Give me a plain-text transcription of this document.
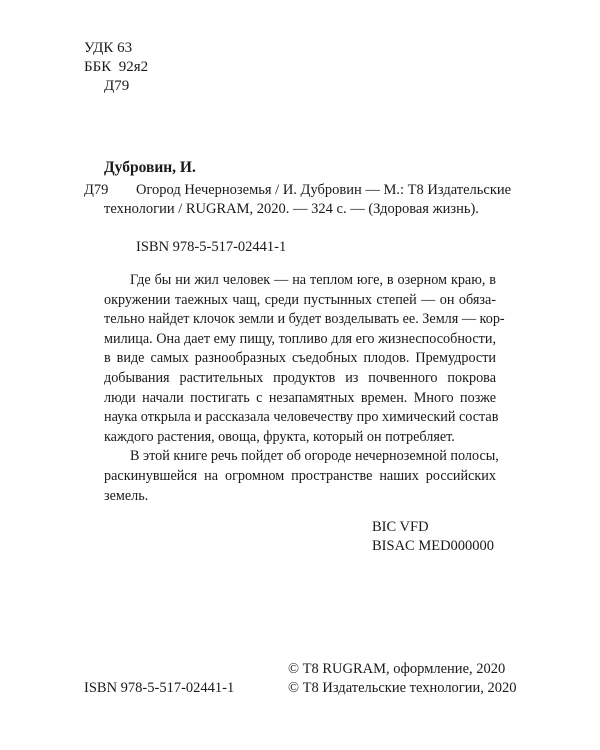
УДК 63
ББК  92я2
Д79
Дубровин, И.
Д79 Огород Нечерноземья / И. Дубровин — М.: Т8 Издательские
технологии / RUGRAM, 2020. — 324 с. — (Здоровая жизнь).
ISBN 978-5-517-02441-1
Где бы ни жил человек — на теплом юге, в озерном краю, в
окружении таежных чащ, среди пустынных степей — он обяза-
тельно найдет клочок земли и будет возделывать ее. Земля — кор-
милица. Она дает ему пищу, топливо для его жизнеспособности,
в виде самых разнообразных съедобных плодов. Премудрости
добывания растительных продуктов из почвенного покрова
люди начали постигать с незапамятных времен. Много позже
наука открыла и рассказала человечеству про химический состав
каждого растения, овоща, фрукта, который он потребляет.
В этой книге речь пойдет об огороде нечерноземной полосы,
раскинувшейся на огромном пространстве наших российских
земель.
BIC VFD
BISAC MED000000
© Т8 RUGRAM, оформление, 2020
ISBN 978-5-517-02441-1	© Т8 Издательские технологии, 2020
